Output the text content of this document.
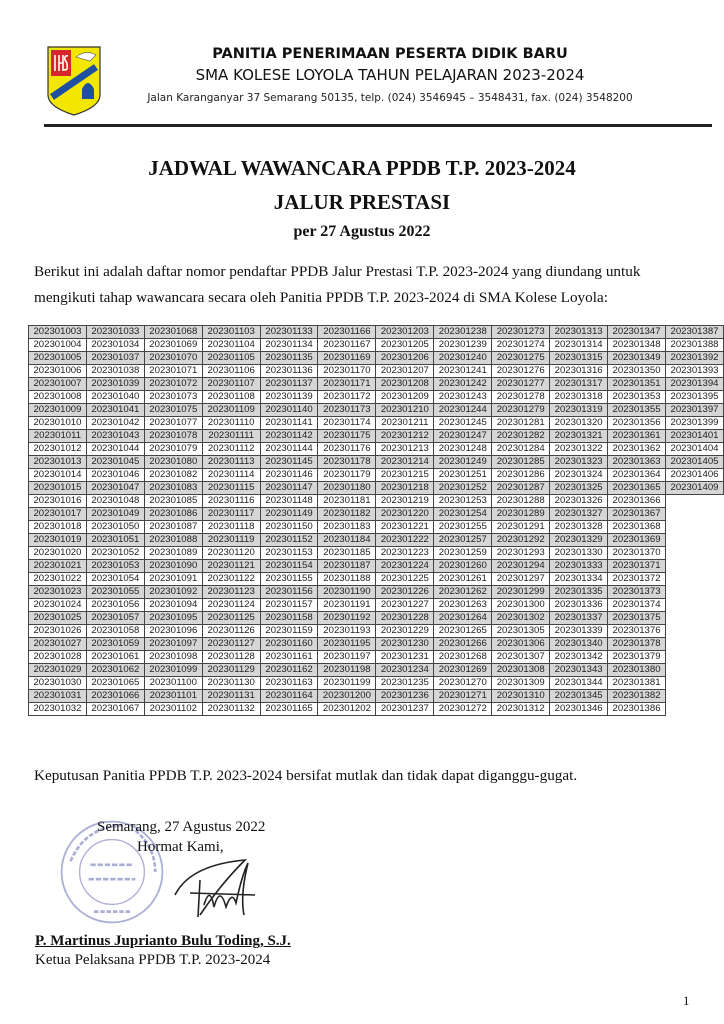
PANITIA PENERIMAAN PESERTA DIDIK BARU
SMA KOLESE LOYOLA TAHUN PELAJARAN 2023-2024
Jalan Karanganyar 37 Semarang 50135, telp. (024) 3546945 – 3548431, fax. (024) 3548200
JADWAL WAWANCARA PPDB T.P. 2023-2024
JALUR PRESTASI
per 27 Agustus 2022
Berikut ini adalah daftar nomor pendaftar PPDB Jalur Prestasi T.P. 2023-2024 yang diundang untuk
mengikuti tahap wawancara secara oleh Panitia PPDB T.P. 2023-2024 di SMA Kolese Loyola:
202301003	202301033	202301068	202301103	202301133	202301166	202301203	202301238	202301273	202301313	202301347	202301387
202301004	202301034	202301069	202301104	202301134	202301167	202301205	202301239	202301274	202301314	202301348	202301388
202301005	202301037	202301070	202301105	202301135	202301169	202301206	202301240	202301275	202301315	202301349	202301392
202301006	202301038	202301071	202301106	202301136	202301170	202301207	202301241	202301276	202301316	202301350	202301393
202301007	202301039	202301072	202301107	202301137	202301171	202301208	202301242	202301277	202301317	202301351	202301394
202301008	202301040	202301073	202301108	202301139	202301172	202301209	202301243	202301278	202301318	202301353	202301395
202301009	202301041	202301075	202301109	202301140	202301173	202301210	202301244	202301279	202301319	202301355	202301397
202301010	202301042	202301077	202301110	202301141	202301174	202301211	202301245	202301281	202301320	202301356	202301399
202301011	202301043	202301078	202301111	202301142	202301175	202301212	202301247	202301282	202301321	202301361	202301401
202301012	202301044	202301079	202301112	202301144	202301176	202301213	202301248	202301284	202301322	202301362	202301404
202301013	202301045	202301080	202301113	202301145	202301178	202301214	202301249	202301285	202301323	202301363	202301405
202301014	202301046	202301082	202301114	202301146	202301179	202301215	202301251	202301286	202301324	202301364	202301406
202301015	202301047	202301083	202301115	202301147	202301180	202301218	202301252	202301287	202301325	202301365	202301409
202301016	202301048	202301085	202301116	202301148	202301181	202301219	202301253	202301288	202301326	202301366	
202301017	202301049	202301086	202301117	202301149	202301182	202301220	202301254	202301289	202301327	202301367	
202301018	202301050	202301087	202301118	202301150	202301183	202301221	202301255	202301291	202301328	202301368	
202301019	202301051	202301088	202301119	202301152	202301184	202301222	202301257	202301292	202301329	202301369	
202301020	202301052	202301089	202301120	202301153	202301185	202301223	202301259	202301293	202301330	202301370	
202301021	202301053	202301090	202301121	202301154	202301187	202301224	202301260	202301294	202301333	202301371	
202301022	202301054	202301091	202301122	202301155	202301188	202301225	202301261	202301297	202301334	202301372	
202301023	202301055	202301092	202301123	202301156	202301190	202301226	202301262	202301299	202301335	202301373	
202301024	202301056	202301094	202301124	202301157	202301191	202301227	202301263	202301300	202301336	202301374	
202301025	202301057	202301095	202301125	202301158	202301192	202301228	202301264	202301302	202301337	202301375	
202301026	202301058	202301096	202301126	202301159	202301193	202301229	202301265	202301305	202301339	202301376	
202301027	202301059	202301097	202301127	202301160	202301195	202301230	202301266	202301306	202301340	202301378	
202301028	202301061	202301098	202301128	202301161	202301197	202301231	202301268	202301307	202301342	202301379	
202301029	202301062	202301099	202301129	202301162	202301198	202301234	202301269	202301308	202301343	202301380	
202301030	202301065	202301100	202301130	202301163	202301199	202301235	202301270	202301309	202301344	202301381	
202301031	202301066	202301101	202301131	202301164	202301200	202301236	202301271	202301310	202301345	202301382	
202301032	202301067	202301102	202301132	202301165	202301202	202301237	202301272	202301312	202301346	202301386	
Keputusan Panitia PPDB T.P. 2023-2024 bersifat mutlak dan tidak dapat diganggu-gugat.
Semarang, 27 Agustus 2022
Hormat Kami,
P. Martinus Juprianto Bulu Toding, S.J.
Ketua Pelaksana PPDB T.P. 2023-2024
1
